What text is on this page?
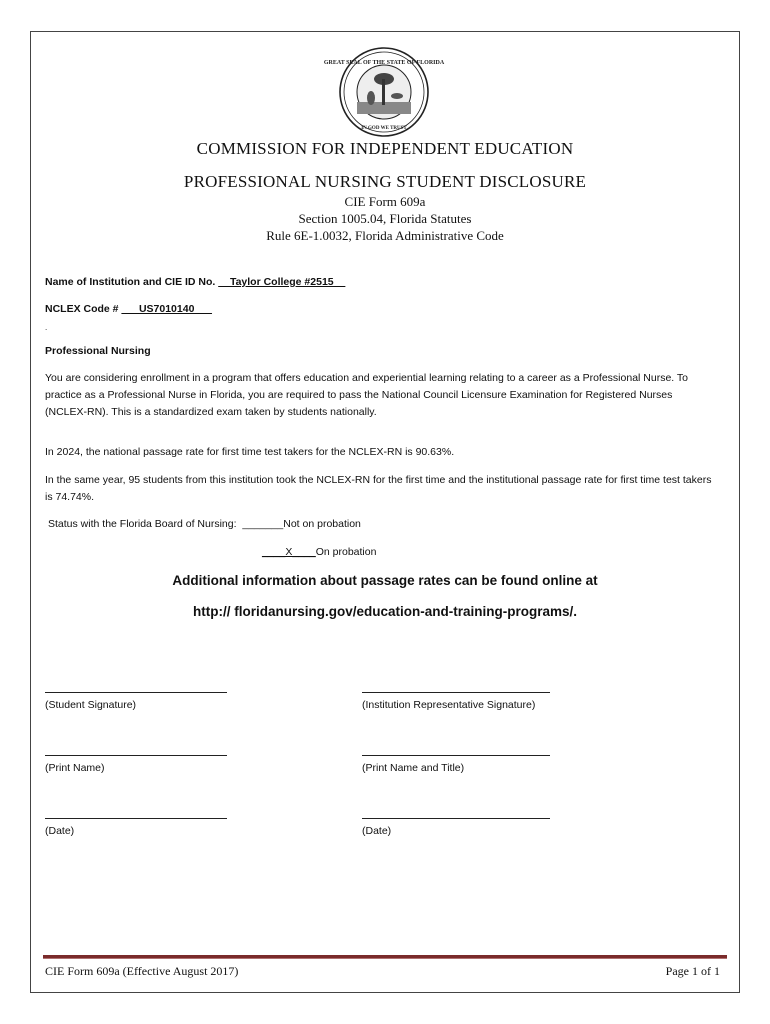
GREAT SEAL OF THE STATE OF FLORIDA
IN GOD WE TRUST
COMMISSION FOR INDEPENDENT EDUCATION
PROFESSIONAL NURSING STUDENT DISCLOSURE
CIE Form 609a
Section 1005.04, Florida Statutes
Rule 6E-1.0032, Florida Administrative Code
Name of Institution and CIE ID No. __Taylor College #2515__
NCLEX Code # ___US7010140___
.
Professional Nursing
You are considering enrollment in a program that offers education and experiential learning relating to a career as a Professional Nurse. To practice as a Professional Nurse in Florida, you are required to pass the National Council Licensure Examination for Registered Nurses (NCLEX-RN). This is a standardized exam taken by students nationally.
In 2024, the national passage rate for first time test takers for the NCLEX-RN is 90.63%.
In the same year, 95 students from this institution took the NCLEX-RN for the first time and the institutional passage rate for first time test takers is 74.74%.
Status with the Florida Board of Nursing: _______Not on probation
____X____On probation
Additional information about passage rates can be found online at
http:// floridanursing.gov/education-and-training-programs/.
(Student Signature)	(Institution Representative Signature)
(Print Name)	(Print Name and Title)
(Date)	(Date)
CIE Form 609a (Effective August 2017)	Page 1 of 1
